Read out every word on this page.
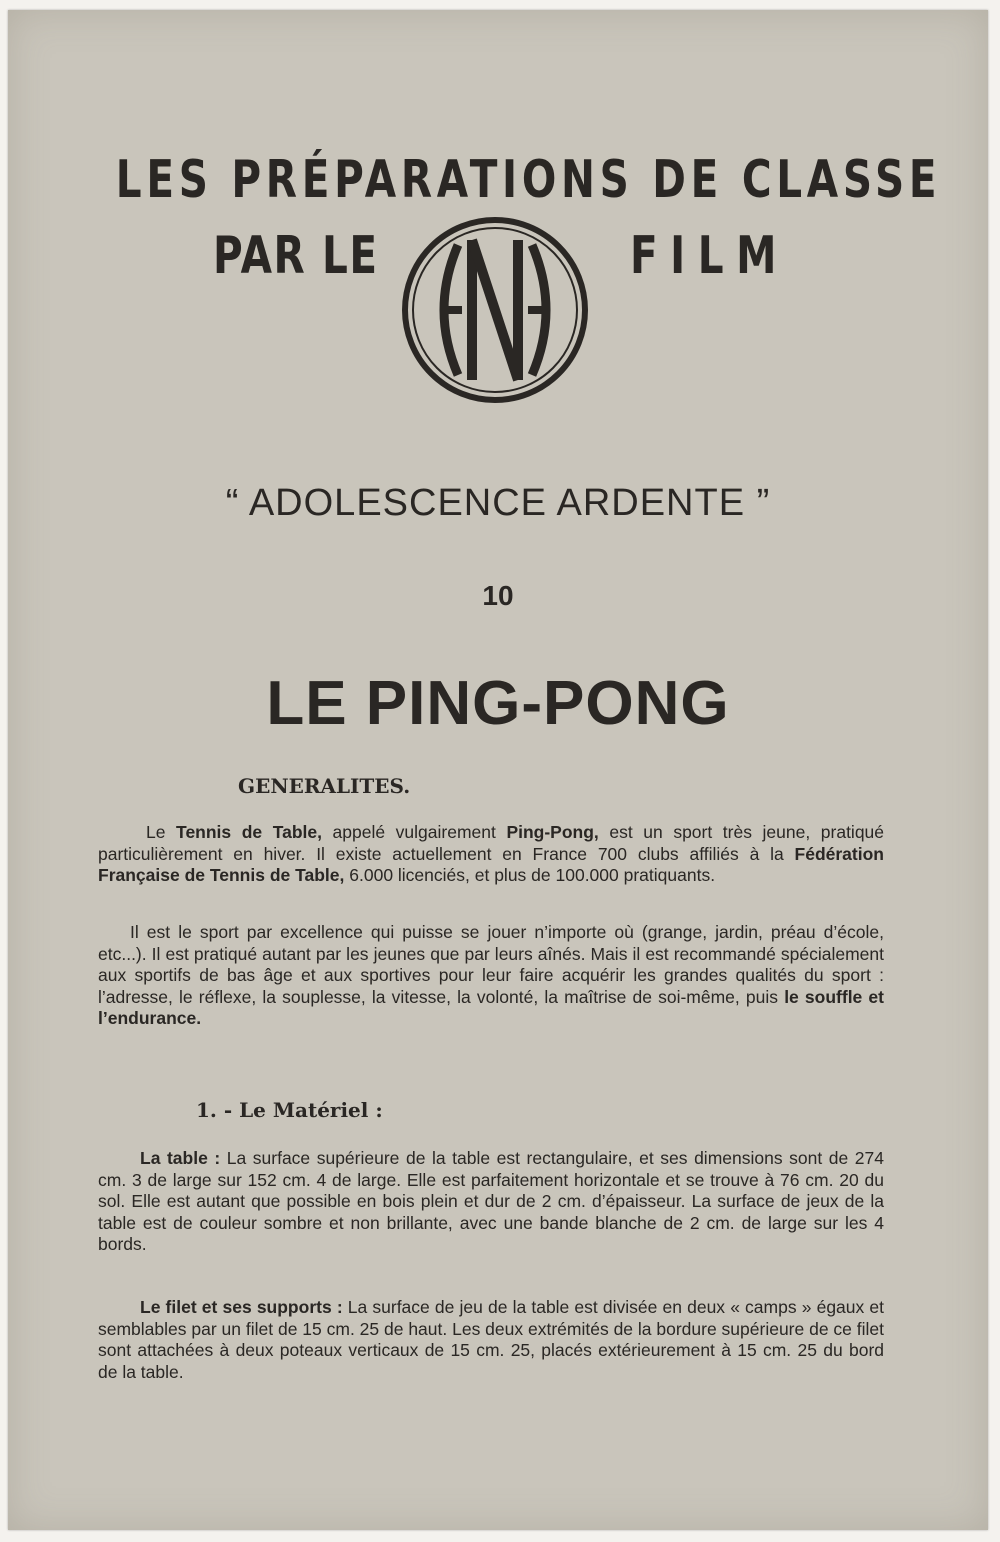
LES PRÉPARATIONS DE CLASSE
PAR LE	FILM
“ ADOLESCENCE ARDENTE ”
10
LE PING-PONG
GENERALITES.
Le Tennis de Table, appelé vulgairement Ping-Pong, est un sport très jeune, pratiqué particulièrement en hiver. Il existe actuellement en France 700 clubs affiliés à la Fédération Française de Tennis de Table, 6.000 licenciés, et plus de 100.000 pratiquants.
Il est le sport par excellence qui puisse se jouer n’importe où (grange, jardin, préau d’école, etc...). Il est pratiqué autant par les jeunes que par leurs aînés. Mais il est recommandé spécialement aux sportifs de bas âge et aux sportives pour leur faire acquérir les grandes qualités du sport : l’adresse, le réflexe, la souplesse, la vitesse, la volonté, la maîtrise de soi-même, puis le souffle et l’endurance.
1. - Le Matériel :
La table : La surface supérieure de la table est rectangulaire, et ses dimensions sont de 274 cm. 3 de large sur 152 cm. 4 de large. Elle est parfaitement horizontale et se trouve à 76 cm. 20 du sol. Elle est autant que possible en bois plein et dur de 2 cm. d’épaisseur. La surface de jeux de la table est de couleur sombre et non brillante, avec une bande blanche de 2 cm. de large sur les 4 bords.
Le filet et ses supports : La surface de jeu de la table est divisée en deux « camps » égaux et semblables par un filet de 15 cm. 25 de haut. Les deux extrémités de la bordure supérieure de ce filet sont attachées à deux poteaux verticaux de 15 cm. 25, placés extérieurement à 15 cm. 25 du bord de la table.
